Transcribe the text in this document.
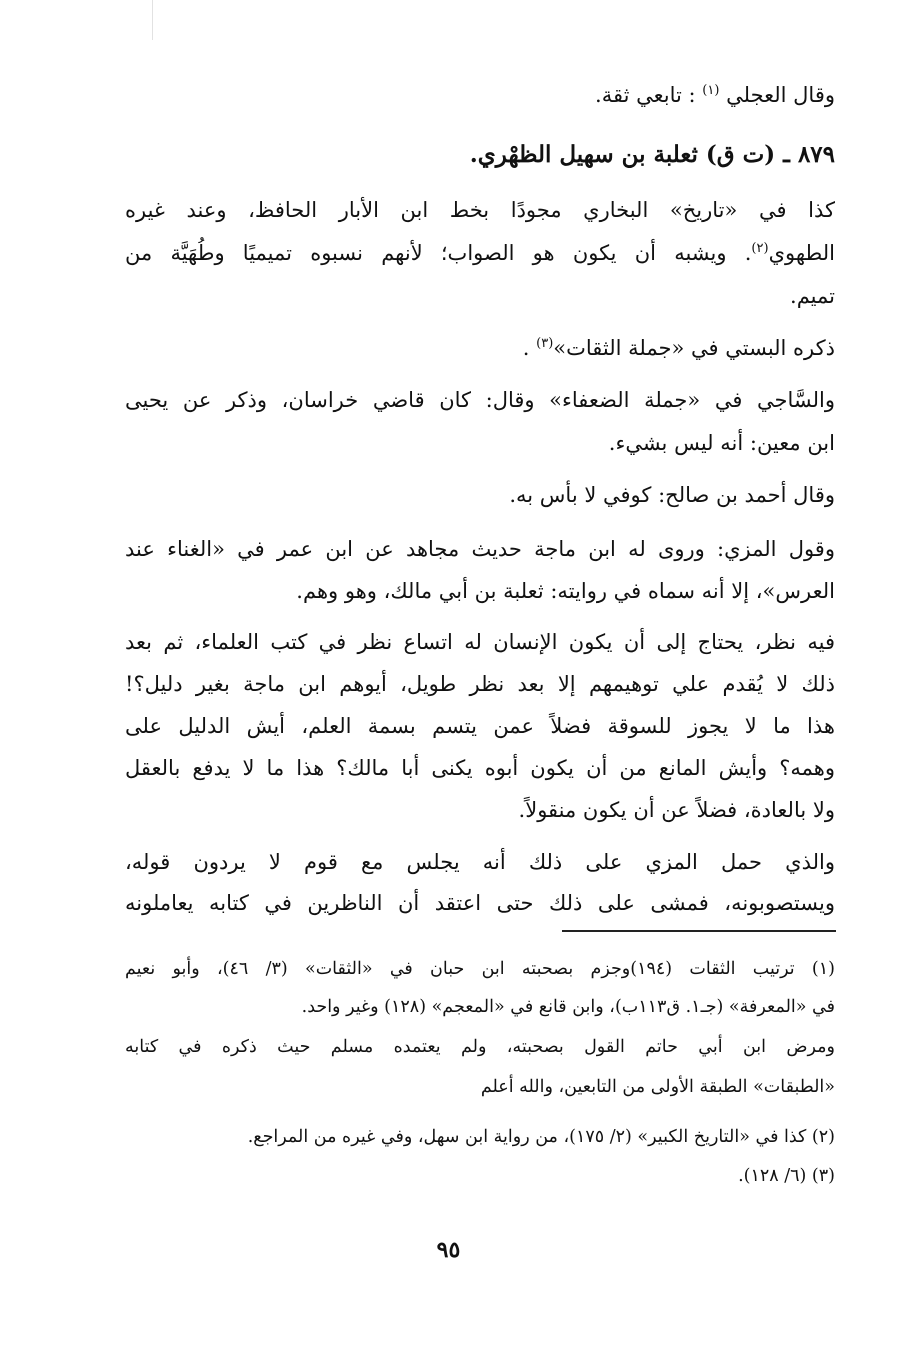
وقال العجلي $^{(١)}$ : تابعي ثقة.
٨٧٩ ـ (ت ق) ثعلبة بن سهيل الظهْري.
كذا في «تاريخ» البخاري مجودًا بخط ابن الأبار الحافظ، وعند غيره
الطهوي$^{(٢)}$. ويشبه أن يكون هو الصواب؛ لأنهم نسبوه تميميًا وطُهَيَّة من
تميم.
ذكره البستي في «جملة الثقات»$^{(٣)}$ .
والسَّاجي في «جملة الضعفاء» وقال: كان قاضي خراسان، وذكر عن يحيى
ابن معين: أنه ليس بشيء.
وقال أحمد بن صالح: كوفي لا بأس به.
وقول المزي: وروى له ابن ماجة حديث مجاهد عن ابن عمر في «الغناء عند
العرس»، إلا أنه سماه في روايته: ثعلبة بن أبي مالك، وهو وهم.
فيه نظر، يحتاج إلى أن يكون الإنسان له اتساع نظر في كتب العلماء، ثم بعد
ذلك لا يُقدم علي توهيمهم إلا بعد نظر طويل، أيوهم ابن ماجة بغير دليل؟!
هذا ما لا يجوز للسوقة فضلاً عمن يتسم بسمة العلم، أيش الدليل على
وهمه؟ وأيش المانع من أن يكون أبوه يكنى أبا مالك؟ هذا ما لا يدفع بالعقل
ولا بالعادة، فضلاً عن أن يكون منقولاً.
والذي حمل المزي على ذلك أنه يجلس مع قوم لا يردون قوله،
ويستصوبونه، فمشى على ذلك حتى اعتقد أن الناظرين في كتابه يعاملونه
(١) ترتيب الثقات (١٩٤)وجزم بصحبته ابن حبان في «الثقات» (٣/ ٤٦)، وأبو نعيم
في «المعرفة» (جـ١. ق١١٣ب)، وابن قانع في «المعجم» (١٢٨) وغير واحد.
ومرض ابن أبي حاتم القول بصحبته، ولم يعتمده مسلم حيث ذكره في كتابه
«الطبقات» الطبقة الأولى من التابعين، والله أعلم
(٢) كذا في «التاريخ الكبير» (٢/ ١٧٥)، من رواية ابن سهل، وفي غيره من المراجع.
(٣) (٦/ ١٢٨).
٩٥
